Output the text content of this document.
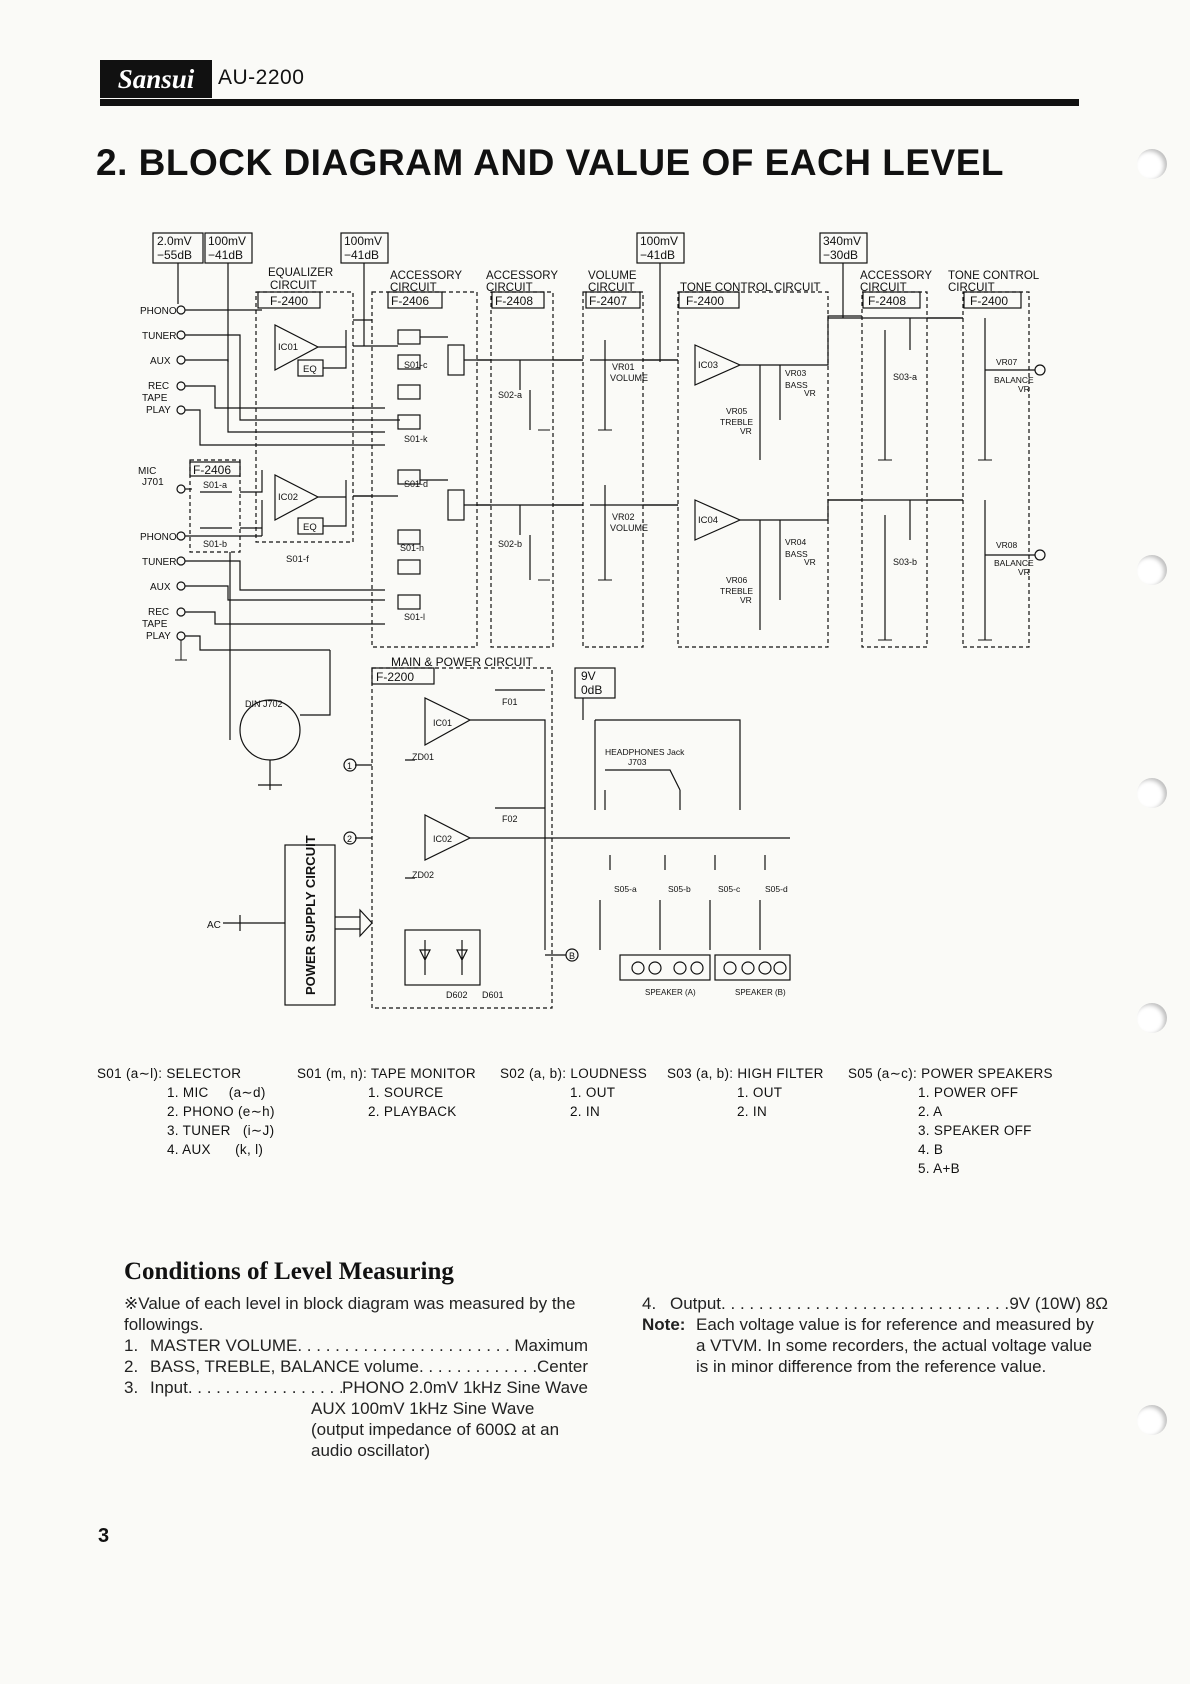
Sansui	AU-2200
2. BLOCK DIAGRAM AND VALUE OF EACH LEVEL
2.0mV
−55dB
100mV
−41dB
100mV
−41dB
100mV
−41dB
340mV
−30dB
9V
0dB
EQUALIZER
CIRCUIT
ACCESSORY
CIRCUIT
ACCESSORY
CIRCUIT
VOLUME
CIRCUIT	TONE CONTROL CIRCUIT
ACCESSORY
CIRCUIT
TONE CONTROL
CIRCUIT
F-2400	F-2406	F-2408	F-2407	F-2400	F-2408	F-2400
PHONO
TUNER
AUX
REC
TAPE
PLAY
MIC
J701
PHONO
TUNER
AUX
REC
TAPE
PLAY
F-2406
S01-a
S01-b
IC01
EQ
IC02
EQ
S01-f
S01-c
S01-k
S01-d
S01-h
S01-l
S02-a
S02-b
VR01
VOLUME
VR02
VOLUME
IC03
IC04
VR03
BASS
VR
VR05
TREBLE
VR
VR04
BASS
VR
VR06
TREBLE
VR
S03-a
S03-b
VR07
BALANCE
VR
VR08
BALANCE
VR
MAIN & POWER CIRCUIT
F-2200
IC01
IC02
ZD01
ZD02
F01
F02
D602 D601
1
2
B
DIN J702
POWER SUPPLY CIRCUIT
AC
HEADPHONES Jack
J703
S05-a	S05-b	S05-c	S05-d
SPEAKER (A)	SPEAKER (B)
S01 (a∼l): SELECTOR
1. MIC     (a∼d)
2. PHONO (e∼h)
3. TUNER   (i∼J)
4. AUX      (k, l)
S01 (m, n): TAPE MONITOR
1. SOURCE
2. PLAYBACK
S02 (a, b): LOUDNESS
1. OUT
2. IN
S03 (a, b): HIGH FILTER
1. OUT
2. IN
S05 (a∼c): POWER SPEAKERS
1. POWER OFF
2. A
3. SPEAKER OFF
4. B
5. A+B
Conditions of Level Measuring
※Value of each level in block diagram was measured by the followings.
1. MASTER VOLUME . . .	Maximum
2. BASS, TREBLE, BALANCE volume . . .	Center
3. Input . . .	PHONO 2.0mV 1kHz Sine Wave
AUX 100mV 1kHz Sine Wave
(output impedance of 600Ω at an audio oscillator)
4. Output . . .	9V (10W) 8Ω
Note: Each voltage value is for reference and measured by a VTVM. In some recorders, the actual voltage value is in minor difference from the reference value.
3
